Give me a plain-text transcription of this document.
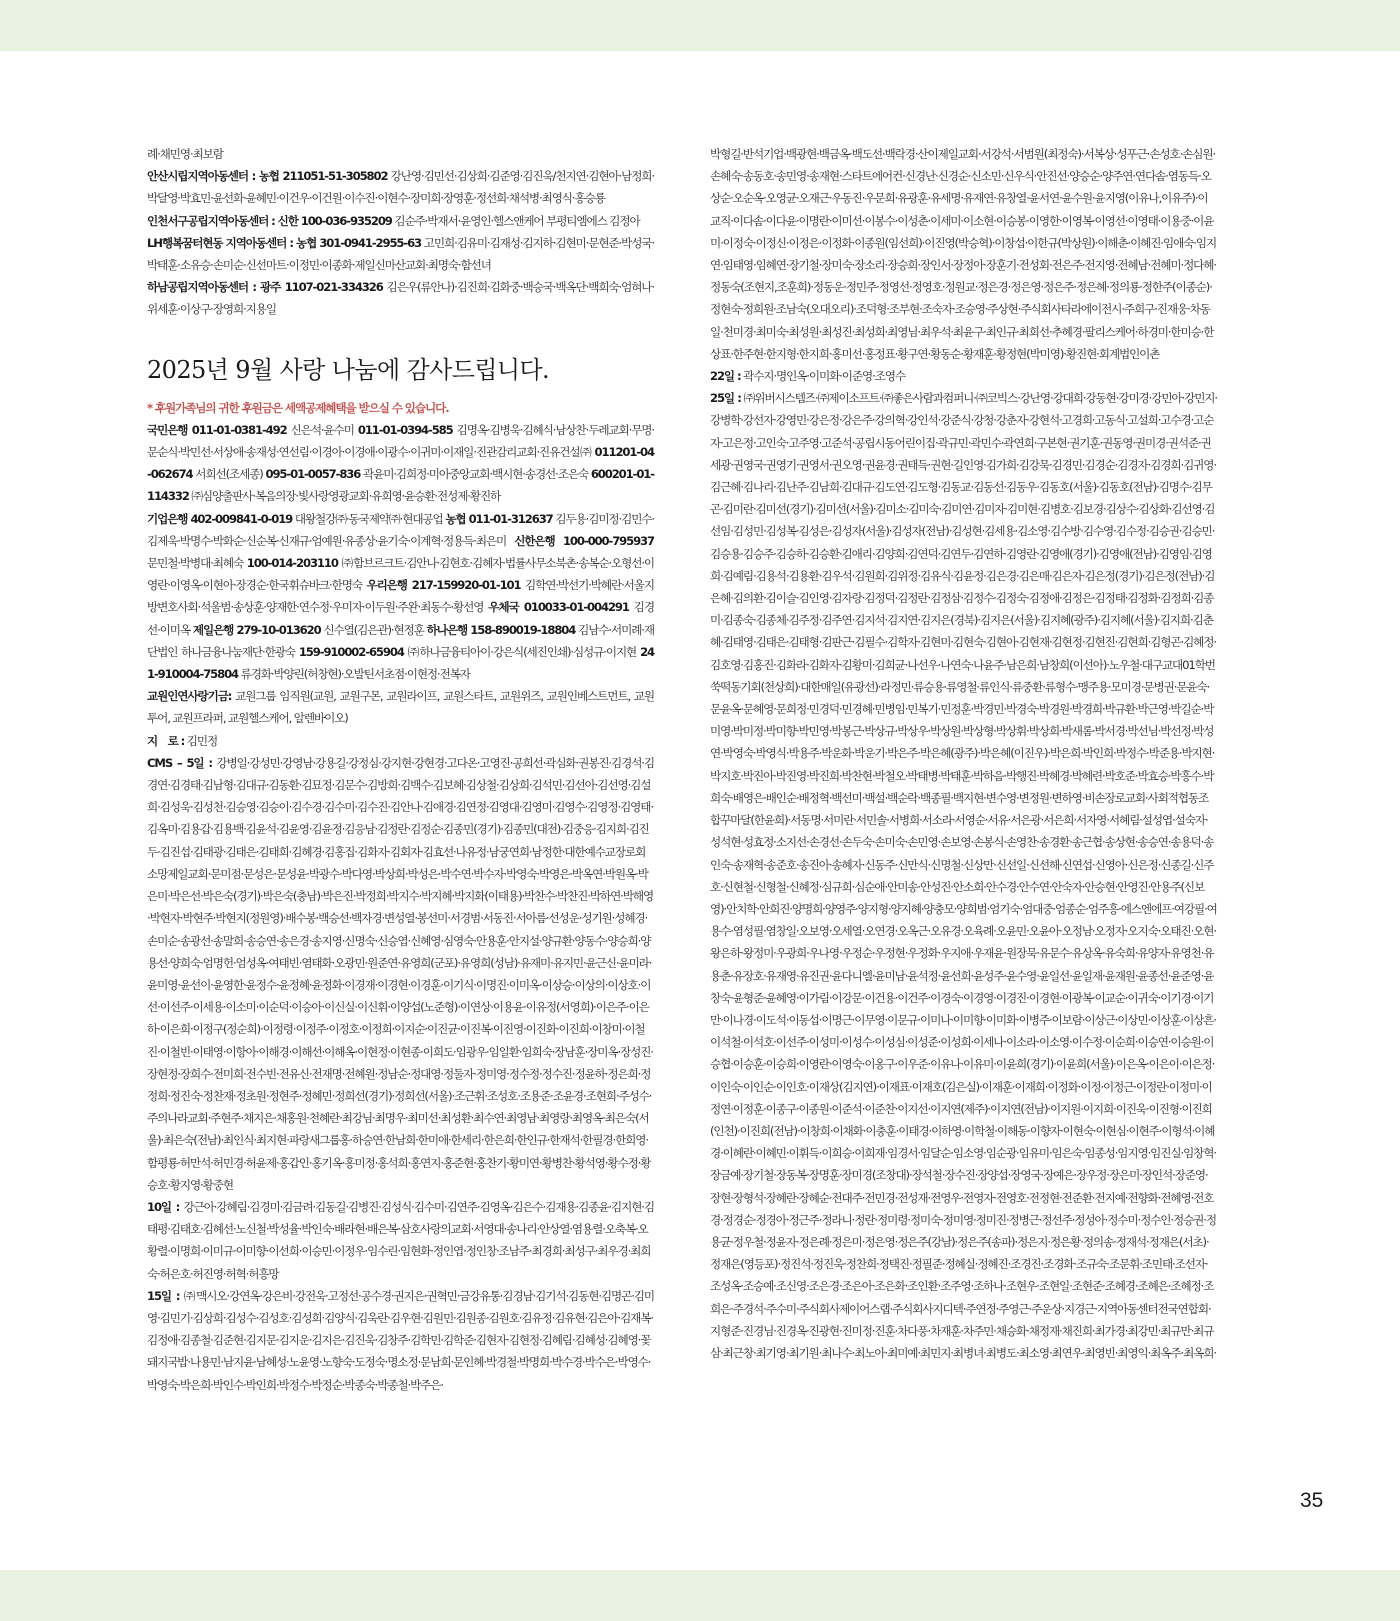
례·채민영·최보람

안산시립지역아동센터 : 농협 211051-51-305802 강난영·김민선·김상희·김준영·김진욱/천지연·김현아·남정희·박달영·박효민·윤선화·윤혜민·이건우·이건원·이수진·이현수·장미희·장영훈·정선희·채석병·최영식·홍승룡

인천서구공립지역아동센터 : 신한 100-036-935209 김순주·박재서·윤영인·헬스앤케어 부평티엠에스 김정아

LH행복꿈터현동 지역아동센터 : 농협 301-0941-2955-63 고민희·김유미·김재성·김지하·김현미·문현준·박성국·박태훈·소유승·손미순·신선마트·이정민·이종화·제일신마산교회·최명숙·함선녀

하남공립지역아동센터 : 광주 1107-021-334326 김은우(류안나)·김진희·김화중·백승국·백옥단·백희숙·엄혀나·위세훈·이상구·장영희·지용일

2025년 9월 사랑 나눔에 감사드립니다.

* 후원가족님의 귀한 후원금은 세액공제혜택을 받으실 수 있습니다.

국민은행 011-01-0381-492 신은석·윤수미 011-01-0394-585 김명옥·김병욱·김혜식·남상찬·두레교회·무명·문순식·박민선·서상애·송재성·연선림·이경아·이경애·이광수·이귀미·이재일·진관감리교회·진유건설㈜ 011201-04-062674 서희선(조세종) 095-01-0057-836 곽윤미·김희정·미아중앙교회·백시현·송경선·조은숙 600201-01-114332 ㈜심양출판사·복음의장·빛사랑영광교회·유희영·윤승환·전성제·황진하

기업은행 402-009841-0-019 대왕철강㈜·동국제약㈜·현대공업 농협 011-01-312637 김두용·김미정·김민수·김제욱·박명수·박화순·신순복·신재규·엄예원·유종상·윤기숙·이계혁·정용득·최은미 신한은행 100-000-795937 문민철·박병대·최혜숙 100-014-203110 ㈜함브르크트·김안나·김현호·김혜자·법률사무소북촌·송복순·오형선·이영란·이영옥·이현아·장경순·한국휘슈바크·한명숙 우리은행 217-159920-01-101 김학연·박선기·박혜란·서울지방변호사회·석울범·송상훈·양재한·연수정·우미자·이두원·주완·최동수·황선영 우체국 010033-01-004291 김경선·이미옥 제일은행 279-10-013620 신수열(김은관)·현정훈 하나은행 158-890019-18804 김남수·서미례·재단법인 하나금융나눔재단·한광숙 159-910002-65904 ㈜하나금융티아이·강은식(세진인쇄)·심성규·이지현 241-910004-75804 류경화·박양린(허창현)·오발틴서초점·이현정·전복자

교원인연사랑기금: 교원그룹 임직원(교원, 교원구몬, 교원라이프, 교원스타트, 교원위즈, 교원인베스트먼트, 교원투어, 교원프라퍼, 교원헬스케어, 알렌바이오)

지　로 : 김민정

CMS – 5일 : 강병일·강성민·강영남·강용길·강정심·강지현·강현경·고다온·고영진·공희선·곽심화·권봉진·김경석·김경연·김경태·김남형·김대규·김동환·김묘정·김문수·김방희·김백수·김보혜·김상철·김상희·김석민·김선아·김선영·김설희·김성욱·김성천·김승영·김승이·김수경·김수미·김수진·김안나·김애경·김연정·김영대·김영미·김영수·김영정·김영태·김옥미·김용갑·김용백·김윤석·김윤영·김윤정·김응남·김정란·김정순·김종민(경기)·김종민(대전)·김중응·김지희·김진두·김진섭·김태광·김태은·김태희·김혜경·김홍집·김화자·김회자·김효선·나유정·남궁연희·남정한·대한예수교장로회소망제일교회·문미점·문성은·문성윤·박광수·박다영·박상희·박성은·박수연·박수자·박영숙·박영은·박옥연·박원옥·박은미·박은선·박은숙(경기)·박은숙(충남)·박은진·박정희·박지수·박지혜·박지화(이태용)·박찬수·박찬진·박하연·박해영·박현자·박현주·박현지(정원영)·배수봉·백승선·백자경·변성열·봉선미·서경범·서동진·서아름·선성운·성기원·성혜경·손미순·송광선·송말희·송승연·송은경·송지영·신명숙·신승엽·신혜영·심영숙·안용훈·안지설·양규환·양동수·양승희·양용선·양희숙·엄명헌·엄성옥·여태빈·염태화·오광민·원준연·유영희(군포)·유영희(성남)·유재미·유지민·윤근신·윤미라·윤미영·윤선이·윤영한·윤정수·윤정혜·윤정화·이경재·이경현·이경훈·이기식·이명진·이미옥·이상승·이상의·이상호·이선·이선주·이세용·이소미·이순덕·이승아·이신실·이신휘·이양섭(노준형)·이연상·이용윤·이유정(서영희)·이은주·이은하·이은희·이정구(정순희)·이정령·이정주·이정호·이정희·이지순·이진균·이진복·이진영·이진화·이진희·이창미·이철진·이철빈·이태영·이항아·이해경·이해선·이해옥·이현정·이현종·이희도·임광우·임일환·임희숙·장남훈·장미옥·장성진·장현정·장희수·전미희·전수빈·전유신·전재명·전혜원·정남순·정대영·정둘자·정미영·정수정·정수진·정윤하·정은희·정정희·정진숙·정찬재·정초원·정현주·정혜민·정희선(경기)·정희선(서울)·조근휘·조성호·조용준·조윤경·조현희·주성수·주의나라교회·주현주·채지은·채홍원·천혜란·최강님·최명우·최미선·최성환·최수연·최영남·최영랑·최영옥·최은숙(서울)·최은숙(전남)·최인식·최지현·파랑새그룹홍·하승연·한남희·한미애·한세리·한은희·한인규·한재석·한필경·한희영·함평룡·허만석·허민경·허윤제·홍갑인·홍기옥·홍미정·홍석희·홍연지·홍준현·홍찬기·황미연·황병찬·황석영·황수정·황승호·황지영·황중현

10일 : 강근아·강혜림·김경미·김금려·김동길·김병진·김성식·김수미·김연주·김영옥·김은수·김재용·김종윤·김지현·김태평·김태호·김혜선·노신철·박성율·박인숙·배라현·배은복·삼호사랑의교회·서영대·송나리·안상열·염용렬·오축복·오황렬·이명희·이미규·이미향·이선희·이승민·이정우·임수린·임현화·정인엽·정인창·조남주·최경희·최성구·최우경·최희숙·허은호·허진영·허혁·허흥망

15일 : ㈜맥시오·강연옥·강은비·강전욱·고정선·공수경·권지은·권혁민·금강유통·김경남·김기석·김동현·김명곤·김미영·김민기·김상희·김성수·김성호·김성희·김양식·김욱란·김우현·김원민·김원종·김원호·김유정·김유현·김은아·김재복·김정애·김종철·김준현·김지문·김지운·김지은·김진욱·김창주·김학민·김학준·김현자·김현정·김혜림·김혜성·김혜영·꽃돼지국밥·나용민·남지윤·남혜성·노윤영·노향숙·도정숙·명소정·문남희·문인혜·박경철·박명희·박수경·박수은·박영수·박영숙·박은희·박인수·박인희·박정수·박정순·박종숙·박종철·박주은·

박형길·반석기업·백광현·백금옥·백도선·백락경·산이제일교회·서강석·서범원(최정숙)·서복상·성푸근·손성호·손심원·손혜숙·송동호·송민영·송재현·스타트에어컨·신경난·신경순·신소민·신우식·안진선·양승순·양주연·연다솜·염동득·오상순·오순옥·오영균·오재근·우동진·우문희·유광훈·유세명·유재연·유창열·윤서연·윤수원·윤지영(이유나,이유주)·이교직·이다솜·이다윤·이명란·이미선·이봉수·이성춘·이세미·이소현·이승봉·이영한·이영복·이영선·이영태·이용중·이윤미·이정숙·이정신·이정은·이정화·이종원(임선희)·이진영(박승혁)·이창섭·이한규(박상원)·이해춘·이혜진·임애숙·임지연·임태영·임혜연·장기철·장미숙·장소리·장승희·장인서·장정아·장훈기·전성회·전은주·전지영·전혜남·전혜미·정다혜·정동숙(조현지,조훈희)·정동운·정민주·정영선·정영호·정원교·정은경·정은영·정은주·정은혜·정의룡·정한주(이종순)·정현숙·정희원·조남숙(오대오리)·조덕형·조부현·조숙자·조승영·주상현·주식회사타라에이전시·주희구·진재웅·차동일·천미경·최미숙·최성원·최성진·최성희·최영님·최우석·최윤구·최인규·최희선·추혜경·팔리스케어·하경미·한미승·한상표·한주현·한지형·한지희·홍미선·홍정표·황구연·황동순·황재훈·황정현(박미영)·황진현·회계법인이촌

22일 : 곽수지·명인옥·이미화·이준영·조영수

25일 : ㈜위버시스템즈·㈜제이소프트·㈜좋은사람과컴퍼니·㈜코빅스·강난영·강대희·강동현·강미경·강민아·강민지·강병학·강선자·강영민·강은정·강은주·강의혁·강인석·강준식·강청·강춘자·강현석·고경희·고동식·고설희·고수경·고순자·고은정·고인숙·고주영·고준석·공립시동어린이집·곽규민·곽민수·곽연희·구본현·권기훈·권동영·권미경·권석준·권세광·권영국·권영기·권영서·권오영·권윤경·권태득·권현·길인영·김가희·김강묵·김경민·김경순·김경자·김경희·김귀영·김근혜·김나리·김난주·김남희·김대규·김도연·김도형·김동교·김동선·김동우·김동호(서울)·김동호(전남)·김명수·김무곤·김미란·김미선(경기)·김미선(서울)·김미소·김미숙·김미연·김미자·김미현·김병호·김보경·김상수·김상화·김선영·김선임·김성민·김성복·김성은·김성자(서울)·김성자(전남)·김성현·김세용·김소영·김수방·김수영·김수정·김승권·김승민·김승용·김승주·김승하·김승환·김애리·김양희·김연덕·김연두·김연하·김영란·김영애(경기)·김영애(전남)·김영임·김영희·김예림·김용석·김용환·김우석·김원희·김위정·김유식·김윤정·김은경·김은매·김은자·김은정(경기)·김은정(전남)·김은혜·김의환·김이슬·김인영·김자랑·김정덕·김정란·김정삼·김정수·김정숙·김정애·김정은·김정태·김정화·김정희·김종미·김종숙·김종체·김주정·김주연·김지석·김지연·김지은(경북)·김지은(서울)·김지혜(광주)·김지혜(서울)·김지희·김춘혜·김태영·김태은·김태형·김판근·김필수·김학자·김현미·김현숙·김현아·김현재·김현정·김현진·김현희·김형곤·김혜정·김호영·김홍진·김화라·김화자·김황미·김희균·나선우·나연숙·나윤주·남은희·남창희(이선아)·노우철·대구교대01학번쑥떡동기회(천상희)·대한매일(유광선)·라정민·류승용·류영철·류인식·류중환·류형수·맹주용·모미경·문병권·문윤숙·문윤옥·문혜영·문희정·민경덕·민경혜·민병임·민복기·민정훈·박경민·박경숙·박경원·박경희·박규환·박근영·박길순·박미영·박미정·박미향·박민영·박봉근·박상규·박상우·박상원·박상형·박상휘·박상희·박새롬·박서경·박선님·박선정·박성연·박영숙·박영식·박용주·박운화·박운기·박은주·박은혜(광주)·박은혜(이진우)·박은희·박인희·박정수·박준용·박지현·박지호·박진아·박진영·박진희·박찬현·박철오·박태병·박태훈·박하음·박행진·박혜경·박혜련·박호준·박효승·박흥수·박희숙·배영은·배인순·배정혁·백선미·백설·백순락·백종필·백지현·변수영·변정원·변하영·비손장로교회·사회적협동조합꾸마달(한윤희)·서동명·서미란·서민솔·서병희·서소라·서영순·서유·서은광·서은희·서자영·서혜림·설성엽·설숙자·성석현·성효정·소지선·손경선·손두숙·손미숙·손민영·손보영·손봉식·손영찬·송경환·송근협·송상현·송승연·송용덕·송인숙·송재혁·송준호·송진아·송혜자·신동주·신만식·신명철·신상만·신선일·신선해·신연섭·신영아·신은정·신종길·신주호·신현철·신형철·신혜정·심규희·심순애·안미송·안성진·안소희·안수경·안수연·안숙자·안승현·안영진·안용주(신보영)·안치학·안희진·양명희·양영주·양지형·양지혜·양충모·양희범·엄기숙·엄대중·엄종순·엄주흥·에스엔에프·여강필·여용수·염성필·염창일·오보영·오세열·오연경·오옥근·오유경·오육례·오윤민·오윤아·오정남·오정자·오지숙·오태진·오현·왕은하·왕정미·우광희·우나영·우정순·우정현·우정화·우지애·우재윤·원장묵·유문수·유상옥·유숙희·유양자·유영천·유용춘·유장호·유재영·유진권·윤다니엘·윤미남·윤석정·윤선희·윤성주·윤수영·윤일선·윤일재·윤재원·윤종선·윤준영·윤창숙·윤형준·윤혜영·이가림·이강문·이건용·이건주·이경숙·이경영·이경진·이경현·이광복·이교순·이귀숙·이기경·이기만·이나경·이도석·이동섭·이명근·이무영·이문규·이미나·이미향·이미화·이병주·이보람·이상근·이상민·이상훈·이상흔·이석철·이석호·이선주·이성미·이성수·이성심·이성준·이성희·이세나·이소라·이소영·이수정·이순희·이승연·이승원·이승협·이승훈·이승희·이영란·이영숙·이옹구·이우준·이유나·이유미·이윤희(경기)·이윤희(서울)·이은옥·이은이·이은정·이인숙·이인순·이인호·이재상(김지연)·이재표·이재호(김은실)·이재훈·이재희·이정화·이정·이정근·이정란·이정미·이정연·이정훈·이종구·이종원·이준석·이준찬·이지선·이지연(제주)·이지연(전남)·이지원·이지희·이진욱·이진형·이진희(인천)·이진희(전남)·이창희·이채화·이충훈·이태경·이하영·이학철·이해동·이향자·이현숙·이현심·이현주·이형석·이혜경·이혜란·이혜민·이휘득·이희승·이희재·임경서·임달순·임소영·임순광·임유미·임은숙·임종성·임지영·임진실·임창혁·장금예·장기철·장동복·장명훈·장미경(조창대)·장석철·장수진·장양섭·장영국·장예은·장우정·장은미·장인석·장준영·장현·장형석·장혜란·장혜순·전대주·전민경·전성재·전영우·전영자·전영호·전정현·전준환·전지예·전향화·전혜영·전호경·정경순·정경아·정근주·정라니·정란·정미령·정미숙·정미영·정미진·정병근·정선주·정성아·정수미·정수인·정승권·정용균·정우철·정윤자·정은례·정은미·정은영·정은주(강남)·정은주(송파)·정은지·정은황·정의송·정재석·정재은(서초)·정재은(영등포)·정진석·정진욱·정찬희·정택진·정필준·정혜실·정혜진·조경진·조경화·조규숙·조문휘·조민태·조선자·조성옥·조승예·조신영·조은경·조은아·조은화·조인환·조주영·조하나·조현우·조현일·조현준·조혜경·조혜은·조혜정·조희은·주경석·주수미·주식회사제이어스랩·주식회사지디텍·주연정·주영근·주운상·지경근·지역아동센터전국연합회·지형준·진경님·진경옥·진광현·진미정·진훈·차다풍·차재훈·차주민·채승화·채정재·채진희·최가경·최강민·최규만·최규삼·최근창·최기영·최기원·최나수·최노아·최미예·최민지·최병녀·최병도·최소영·최연우·최영빈·최영익·최옥주·최옥희·

35
